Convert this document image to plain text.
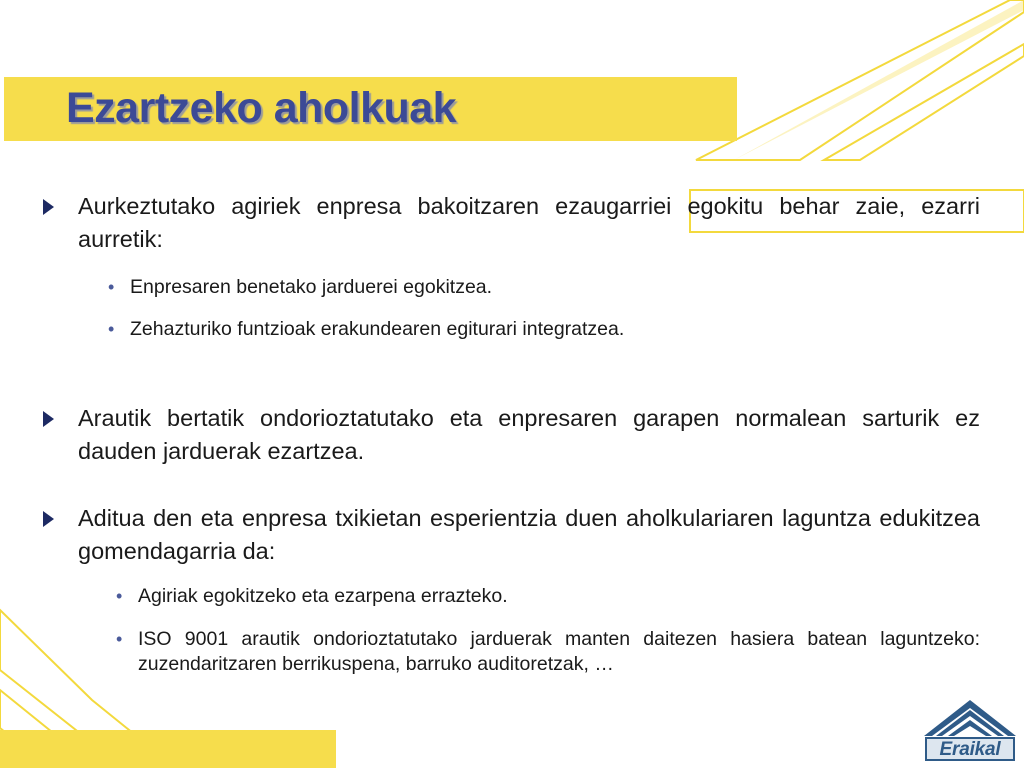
Ezartzeko aholkuak

Aurkeztutako agiriek enpresa bakoitzaren ezaugarriei egokitu behar zaie, ezarri aurretik:

• Enpresaren benetako jarduerei egokitzea.
• Zehazturiko funtzioak erakundearen egiturari integratzea.

Arautik bertatik ondorioztatutako eta enpresaren garapen normalean sarturik ez dauden jarduerak ezartzea.

Aditua den eta enpresa txikietan esperientzia duen aholkulariaren laguntza edukitzea gomendagarria da:

• Agiriak egokitzeko eta ezarpena errazteko.
• ISO 9001 arautik ondorioztatutako jarduerak manten daitezen hasiera batean laguntzeko: zuzendaritzaren berrikuspena, barruko auditoretzak, …
Eraikal
